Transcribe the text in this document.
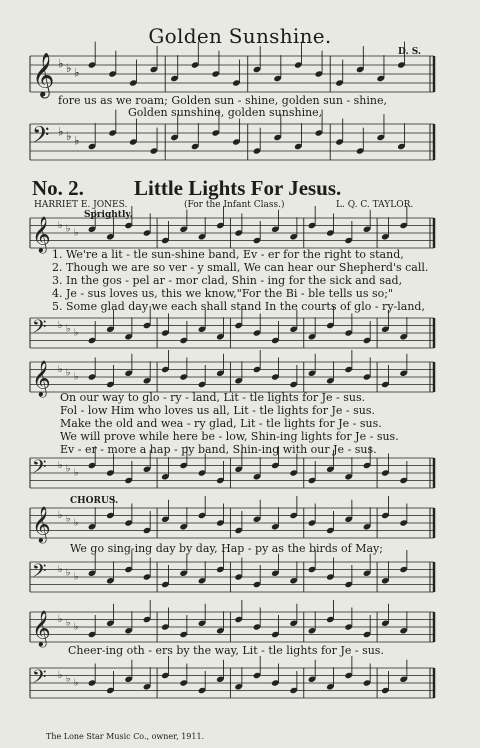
Golden Sunshine.
D. S.
𝄞 ♭ ♭ ♭
fore us as we roam; Golden sun - shine, golden sun - shine,
Golden sunshine, golden sunshine,
𝄢 ♭ ♭ ♭
No. 2. Little Lights For Jesus.
HARRIET E. JONES.	(For the Infant Class.)	L. Q. C. TAYLOR.
Sprightly.
𝄞 ♭ ♭ ♭
1. We're a lit - tle sun-shine band, Ev - er for the right to stand,
2. Though we are so ver - y small, We can hear our Shepherd's call.
3. In the gos - pel ar - mor clad, Shin - ing for the sick and sad,
4. Je - sus loves us, this we know,"For the Bi - ble tells us so;"
5. Some glad day we each shall stand In the courts of glo - ry-land,
𝄢 ♭ ♭ ♭
𝄞 ♭ ♭ ♭
On our way to glo - ry - land, Lit - tle lights for Je - sus.
Fol - low Him who loves us all, Lit - tle lights for Je - sus.
Make the old and wea - ry glad, Lit - tle lights for Je - sus.
We will prove while here be - low, Shin-ing lights for Je - sus.
Ev - er - more a hap - py band, Shin-ing with our Je - sus.
𝄢 ♭ ♭ ♭
CHORUS.
𝄞 ♭ ♭ ♭
We go sing-ing day by day, Hap - py as the birds of May;
𝄢 ♭ ♭ ♭
𝄞 ♭ ♭ ♭
Cheer-ing oth - ers by the way, Lit - tle lights for Je - sus.
𝄢 ♭ ♭ ♭
The Lone Star Music Co., owner, 1911.
